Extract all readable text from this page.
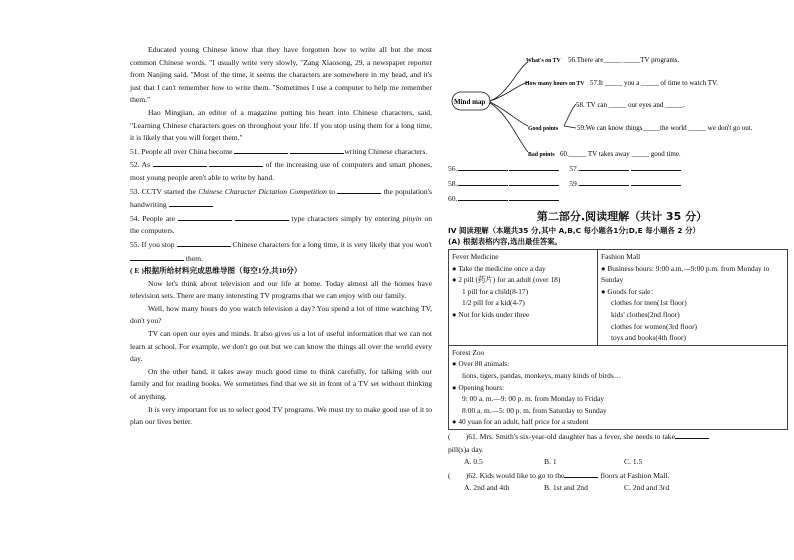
Educated young Chinese know that they have forgotten how to write all but the most common Chinese words. "I usually write very slowly, "Zang Xiaosong, 29, a newspaper reporter from Nanjing said. "Most of the time, it seems the characters are somewhere in my head, and it's just that I can't remember how to write them. "Sometimes I use a computer to help me remember them."

Hao Mingjian, an editor of a magazine putting his heart into Chinese characters, said, "Learning Chinese characters goes on throughout your life. If you stop using them for a long time, it is likely that you will forget them."

51. People all over China become	writing Chinese characters.

52. As	of the increasing use of computers and smart phones, most young people aren't able to write by hand.

53. CCTV started the Chinese Character Dictation Competition to	the population's handwriting

54. People are	type characters simply by entering pinyin on the computers.

55. If you stop	Chinese characters for a long time, it is very likely that you won't  them.

( E )根据所给材料完成思维导图（每空1分,共10分）

Now let's think about television and our life at home. Today almost all the homes have television sets. There are many interesting TV programs that we can enjoy with our family.

Well, how many hours do you watch television a day? You spend a lot of time watching TV, don't you?

TV can open our eyes and minds. It also gives us a lot of useful information that we can not learn at school. For example, we don't go out but we can know the things all over the world every day.

On the other hand, it takes away much good time to think carefully, for talking with our family and for reading books. We sometimes find that we sit in front of a TV set without thinking of anything.

It is very important for us to select good TV programs. We must try to make good use of it to plan our lives better.

Mind map
What's on TV 56.There are_____ _____TV programs.
How many hours on TV 57.It _____ you a _____ of time to watch TV.
Good points
58. TV can _____ our eyes and _____.
59.We can know things_____the world _____ we don't go out.
Bad points 60._____ TV takes away _____ good time.
56.	57.
58.	59.
60.
第二部分.阅读理解（共计 35 分）
IV 阅读理解（本题共35 分,其中 A,B,C 每小题各1分;D,E 每小题各 2 分）
(A) 根据表格内容,选出最佳答案。
Fever Medicine
● Take the medicine once a day
● 2 pill (药片) for an adult (over 18)
1 pill for a child(8-17)
1/2 pill for a kid(4-7)
● Not for kids under three

Fashion Mall
● Business hours: 9:00 a.m.—9:00 p.m. from Monday to Sunday
● Goods for sale：
clothes for men(1st floor)
kids' clothes(2nd floor)
clothes for women(3rd floor)
toys and books(4th floor)

Forest Zoo
● Over 80 animals:
lions, tigers, pandas, monkeys, many kinds of birds…
● Opening hours:
9: 00 a. m.—9: 00 p. m. from Monday to Friday
8:00 a. m.—5: 00 p. m. from Saturday to Sunday
● 40 yuan for an adult, half price for a student

(　　)61. Mrs. Smith's six-year-old daughter has a fever, she needs to take

pill(s)a day.

A. 0.5	B. 1	C. 1.5

(　　)62. Kids would like to go to the	floors at Fashion Mall.

A. 2nd and 4th	B. 1st and 2nd	C. 2nd and 3rd
